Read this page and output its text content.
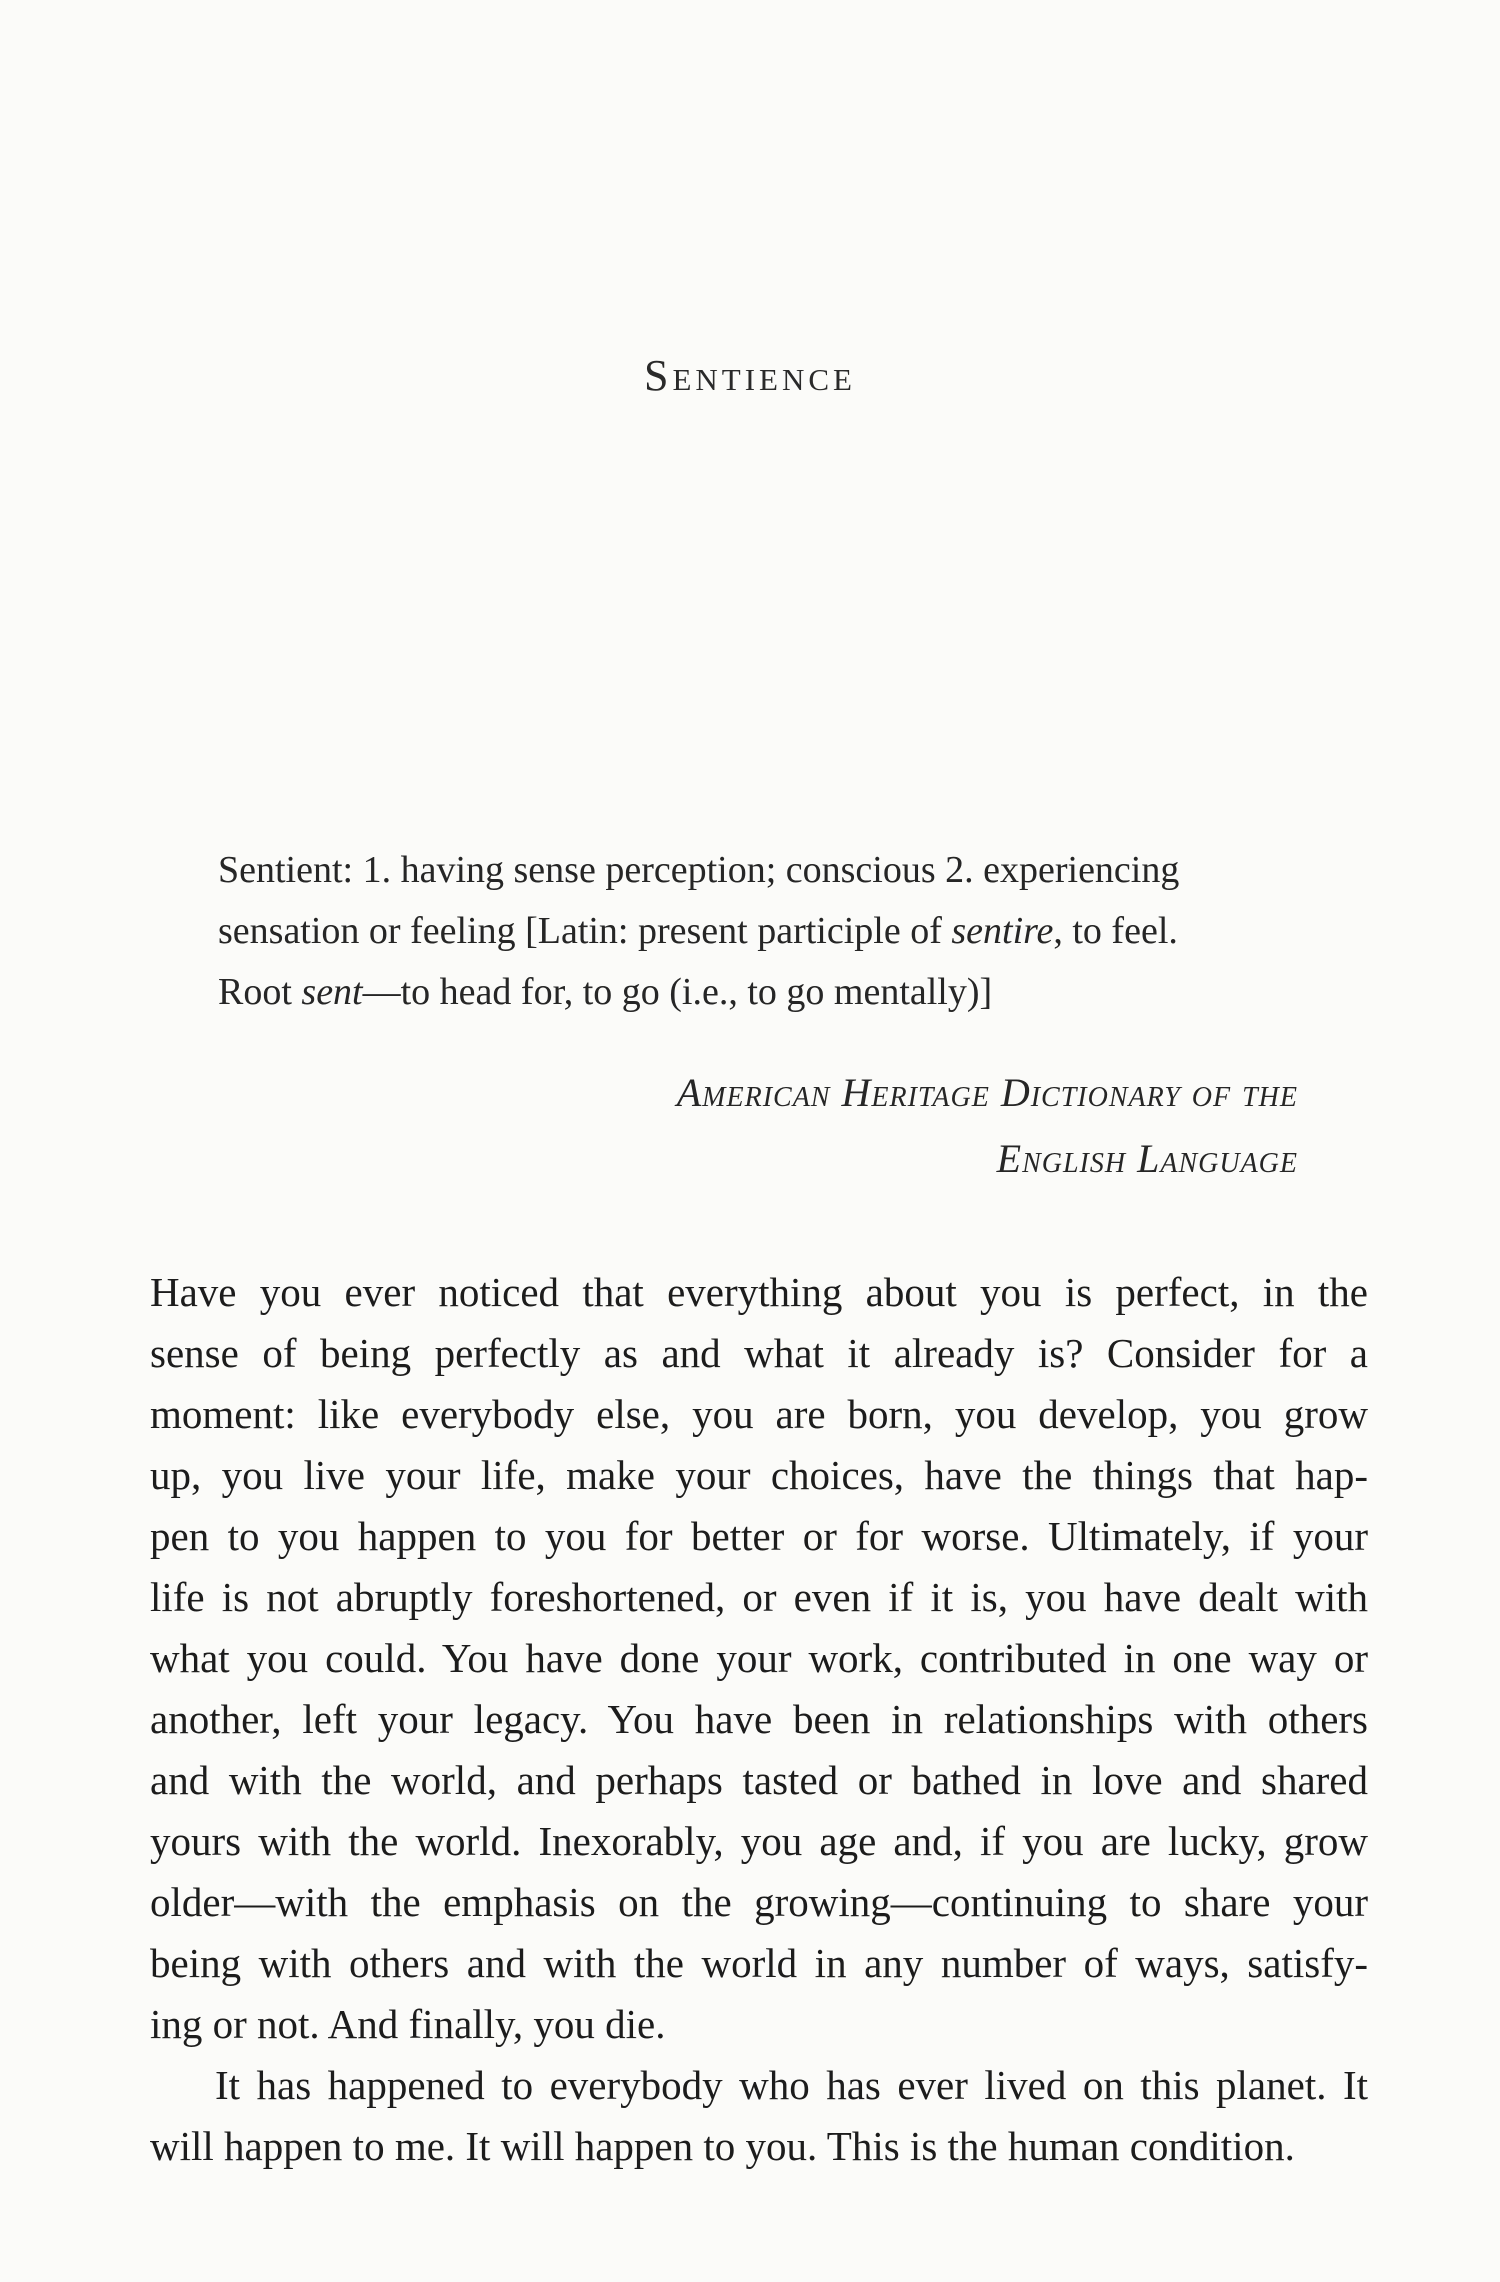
Sentience
Sentient: 1. having sense perception; conscious 2. experiencing
sensation or feeling [Latin: present participle of sentire, to feel.
Root sent—to head for, to go (i.e., to go mentally)]
American Heritage Dictionary of the
English Language
Have you ever noticed that everything about you is perfect, in the
sense of being perfectly as and what it already is? Consider for a
moment: like everybody else, you are born, you develop, you grow
up, you live your life, make your choices, have the things that hap-
pen to you happen to you for better or for worse. Ultimately, if your
life is not abruptly foreshortened, or even if it is, you have dealt with
what you could. You have done your work, contributed in one way or
another, left your legacy. You have been in relationships with others
and with the world, and perhaps tasted or bathed in love and shared
yours with the world. Inexorably, you age and, if you are lucky, grow
older—with the emphasis on the growing—continuing to share your
being with others and with the world in any number of ways, satisfy-
ing or not. And finally, you die.
It has happened to everybody who has ever lived on this planet. It
will happen to me. It will happen to you. This is the human condition.
